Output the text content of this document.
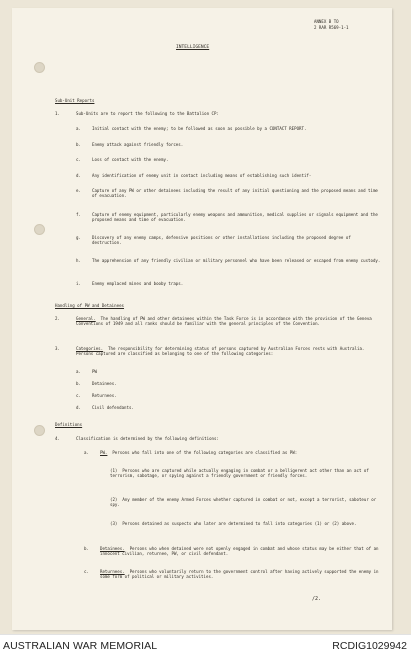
ANNEX B TO
2 RAR R569-1-1
INTELLIGENCE
Sub-Unit Reports
1.	Sub-Units are to report the following to the Battalion CP:
a.	Initial contact with the enemy; to be followed as soon as possible by a CONTACT REPORT.
b.	Enemy attack against friendly forces.
c.	Loss of contact with the enemy.
d.	Any identification of enemy unit in contact including means of establishing such identif-
e.	Capture of any PW or other detainees including the result of any initial questioning and the proposed means and time of evacuation.
f.	Capture of enemy equipment, particularly enemy weapons and ammunition, medical supplies or signals equipment and the proposed means and time of evacuation.
g.	Discovery of any enemy camps, defensive positions or other installations including the proposed degree of destruction.
h.	The apprehension of any friendly civilian or military personnel who have been released or escaped from enemy custody.
i.	Enemy emplaced mines and booby traps.
Handling of PW and Detainees
2.	General. The handling of PW and other detainees within the Task Force is in accordance with the provision of the Geneva Conventions of 1949 and all ranks should be familiar with the general principles of the Convention.
3.	Categories. The responsibility for determining status of persons captured by Australian Forces rests with Australia. Persons captured are classified as belonging to one of the following categories:
a.	PW
b.	Detainees.
c.	Returnees.
d.	Civil defendants.
Definitions
4.	Classification is determined by the following definitions:
a.	PW. Persons who fall into one of the following categories are classified as PW:
(1) Persons who are captured while actually engaging in combat or a belligerent act other than an act of terrorism, sabotage, or spying against a friendly government or friendly forces.
(2) Any member of the enemy Armed Forces whether captured in combat or not, except a terrorist, saboteur or spy.
(3) Persons detained as suspects who later are determined to fall into categories (1) or (2) above.
b.	Detainees. Persons who when detained were not openly engaged in combat and whose status may be either that of an innocent civilian, returnee, PW, or civil defendant.
c.	Returnees. Persons who voluntarily return to the government control after having actively supported the enemy in some form of political or military activities.
/2.
AUSTRALIAN WAR MEMORIAL	RCDIG1029942
